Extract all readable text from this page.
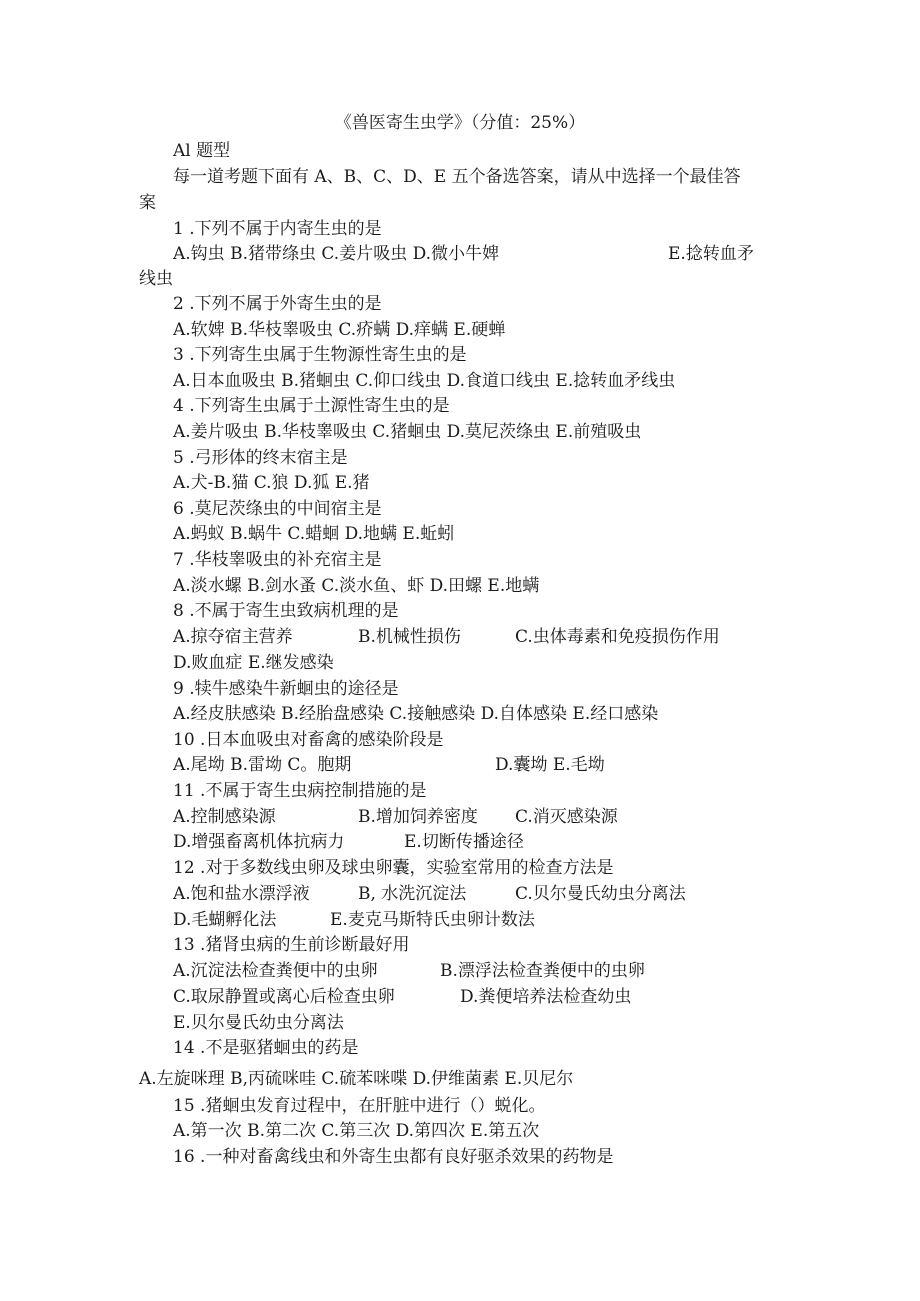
《兽医寄生虫学》（分值：25%）
Al 题型
每一道考题下面有 A、B、C、D、E 五个备选答案，请从中选择一个最佳答
案
1 .下列不属于内寄生虫的是
A.钩虫 B.猪带绦虫 C.姜片吸虫 D.微小牛婢	E.捻转血矛
线虫
2 .下列不属于外寄生虫的是
A.软婢 B.华枝睾吸虫 C.疥螨 D.痒螨 E.硬蝉
3 .下列寄生虫属于生物源性寄生虫的是
A.日本血吸虫 B.猪蛔虫 C.仰口线虫 D.食道口线虫 E.捻转血矛线虫
4 .下列寄生虫属于土源性寄生虫的是
A.姜片吸虫 B.华枝睾吸虫 C.猪蛔虫 D.莫尼茨绦虫 E.前殖吸虫
5 .弓形体的终末宿主是
A.犬-B.猫 C.狼 D.狐 E.猪
6 .莫尼茨绦虫的中间宿主是
A.蚂蚁 B.蜗牛 C.蜡蛔 D.地螨 E.蚯蚓
7 .华枝睾吸虫的补充宿主是
A.淡水螺 B.剑水蚤 C.淡水鱼、虾 D.田螺 E.地螨
8 .不属于寄生虫致病机理的是
A.掠夺宿主营养	B.机械性损伤	C.虫体毒素和免疫损伤作用
D.败血症 E.继发感染
9 .犊牛感染牛新蛔虫的途径是
A.经皮肤感染 B.经胎盘感染 C.接触感染 D.自体感染 E.经口感染
10 .日本血吸虫对畜禽的感染阶段是
A.尾坳 B.雷坳 C。胞期	D.囊坳 E.毛坳
11 .不属于寄生虫病控制措施的是
A.控制感染源	B.增加饲养密度 C.消灭感染源
D.增强畜离机体抗病力	E.切断传播途径
12 .对于多数线虫卵及球虫卵囊，实验室常用的检查方法是
A.饱和盐水漂浮液	B, 水洗沉淀法	C.贝尔曼氏幼虫分离法
D.毛蝴孵化法	E.麦克马斯特氏虫卵计数法
13 .猪肾虫病的生前诊断最好用
A.沉淀法检查粪便中的虫卵	B.漂浮法检查粪便中的虫卵
C.取尿静置或离心后检查虫卵	D.粪便培养法检查幼虫
E.贝尔曼氏幼虫分离法
14 .不是驱猪蛔虫的药是
A.左旋咪理 B,丙硫咪哇 C.硫苯咪喋 D.伊维菌素 E.贝尼尔
15 .猪蛔虫发育过程中，在肝脏中进行（）蜕化。
A.第一次 B.第二次 C.第三次 D.第四次 E.第五次
16 .一种对畜禽线虫和外寄生虫都有良好驱杀效果的药物是
